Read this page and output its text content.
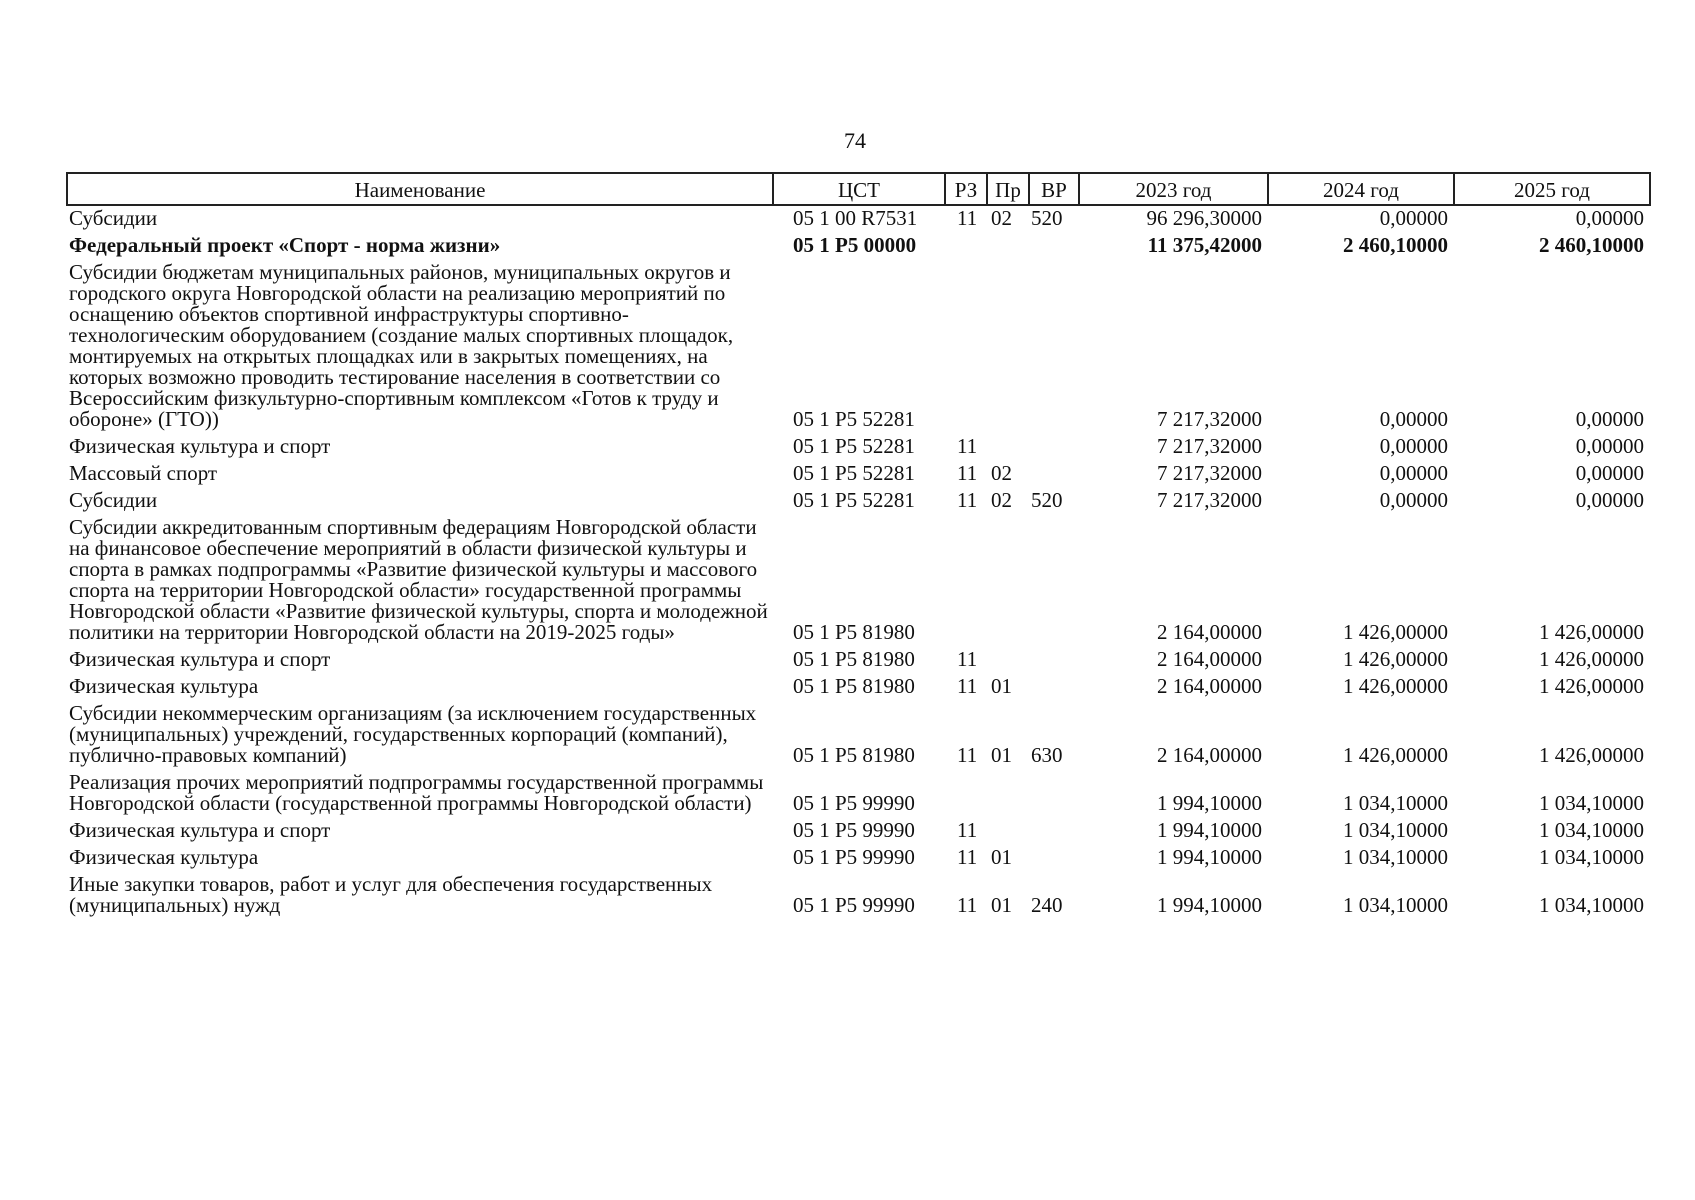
74
Наименование	ЦСТ	РЗ	Пр	ВР	2023 год	2024 год	2025 год
Субсидии	05 1 00 R7531	11	02	520	96 296,30000	0,00000	0,00000
Федеральный проект «Спорт - норма жизни»	05 1 P5 00000				11 375,42000	2 460,10000	2 460,10000
Субсидии бюджетам муниципальных районов, муниципальных округов и городского округа Новгородской области на реализацию мероприятий по оснащению объектов спортивной инфраструктуры спортивно-технологическим оборудованием (создание малых спортивных площадок, монтируемых на открытых площадках или в закрытых помещениях, на которых возможно проводить тестирование населения в соответствии со Всероссийским физкультурно-спортивным комплексом «Готов к труду и обороне» (ГТО))	05 1 P5 52281				7 217,32000	0,00000	0,00000
Физическая культура и спорт	05 1 P5 52281	11			7 217,32000	0,00000	0,00000
Массовый спорт	05 1 P5 52281	11	02		7 217,32000	0,00000	0,00000
Субсидии	05 1 P5 52281	11	02	520	7 217,32000	0,00000	0,00000
Субсидии аккредитованным спортивным федерациям Новгородской области на финансовое обеспечение мероприятий в области физической культуры и спорта в рамках подпрограммы «Развитие физической культуры и массового спорта на территории Новгородской области» государственной программы Новгородской области «Развитие физической культуры, спорта и молодежной политики на территории Новгородской области на 2019-2025 годы»	05 1 P5 81980				2 164,00000	1 426,00000	1 426,00000
Физическая культура и спорт	05 1 P5 81980	11			2 164,00000	1 426,00000	1 426,00000
Физическая культура	05 1 P5 81980	11	01		2 164,00000	1 426,00000	1 426,00000
Субсидии некоммерческим организациям (за исключением государственных (муниципальных) учреждений, государственных корпораций (компаний), публично-правовых компаний)	05 1 P5 81980	11	01	630	2 164,00000	1 426,00000	1 426,00000
Реализация прочих мероприятий подпрограммы государственной программы Новгородской области (государственной программы Новгородской области)	05 1 P5 99990				1 994,10000	1 034,10000	1 034,10000
Физическая культура и спорт	05 1 P5 99990	11			1 994,10000	1 034,10000	1 034,10000
Физическая культура	05 1 P5 99990	11	01		1 994,10000	1 034,10000	1 034,10000
Иные закупки товаров, работ и услуг для обеспечения государственных (муниципальных) нужд	05 1 P5 99990	11	01	240	1 994,10000	1 034,10000	1 034,10000
